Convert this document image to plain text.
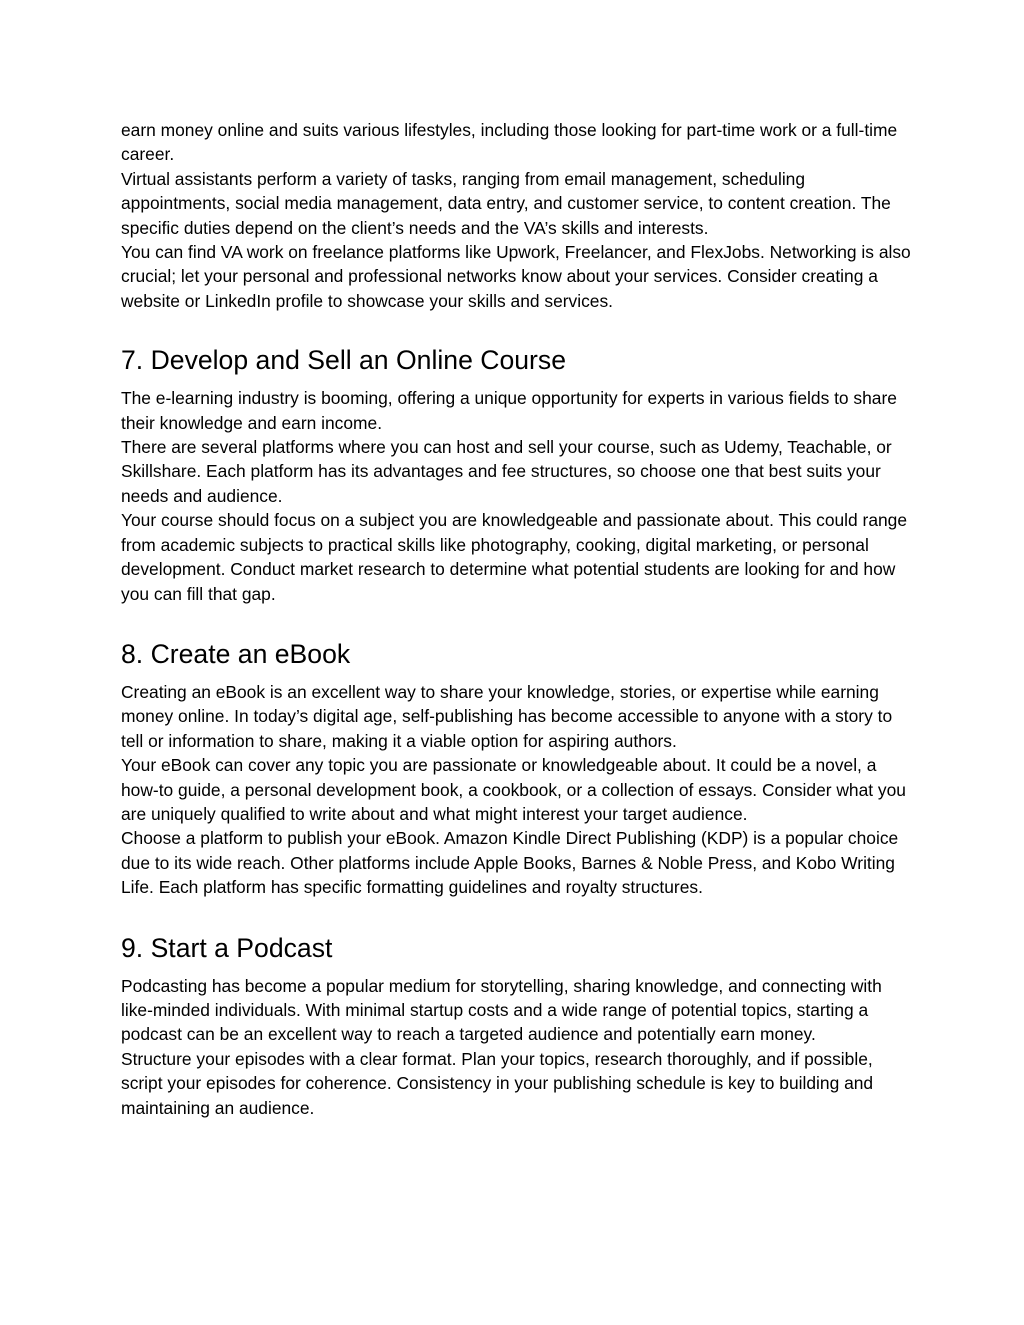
earn money online and suits various lifestyles, including those looking for part-time work or a full-time career.

Virtual assistants perform a variety of tasks, ranging from email management, scheduling appointments, social media management, data entry, and customer service, to content creation. The specific duties depend on the client’s needs and the VA’s skills and interests.

You can find VA work on freelance platforms like Upwork, Freelancer, and FlexJobs. Networking is also crucial; let your personal and professional networks know about your services. Consider creating a website or LinkedIn profile to showcase your skills and services.

7. Develop and Sell an Online Course

The e-learning industry is booming, offering a unique opportunity for experts in various fields to share their knowledge and earn income.

There are several platforms where you can host and sell your course, such as Udemy, Teachable, or Skillshare. Each platform has its advantages and fee structures, so choose one that best suits your needs and audience.

Your course should focus on a subject you are knowledgeable and passionate about. This could range from academic subjects to practical skills like photography, cooking, digital marketing, or personal development. Conduct market research to determine what potential students are looking for and how you can fill that gap.

8. Create an eBook

Creating an eBook is an excellent way to share your knowledge, stories, or expertise while earning money online. In today’s digital age, self-publishing has become accessible to anyone with a story to tell or information to share, making it a viable option for aspiring authors.

Your eBook can cover any topic you are passionate or knowledgeable about. It could be a novel, a how-to guide, a personal development book, a cookbook, or a collection of essays. Consider what you are uniquely qualified to write about and what might interest your target audience.

Choose a platform to publish your eBook. Amazon Kindle Direct Publishing (KDP) is a popular choice due to its wide reach. Other platforms include Apple Books, Barnes & Noble Press, and Kobo Writing Life. Each platform has specific formatting guidelines and royalty structures.

9. Start a Podcast

Podcasting has become a popular medium for storytelling, sharing knowledge, and connecting with like-minded individuals. With minimal startup costs and a wide range of potential topics, starting a podcast can be an excellent way to reach a targeted audience and potentially earn money.

Structure your episodes with a clear format. Plan your topics, research thoroughly, and if possible, script your episodes for coherence. Consistency in your publishing schedule is key to building and maintaining an audience.
